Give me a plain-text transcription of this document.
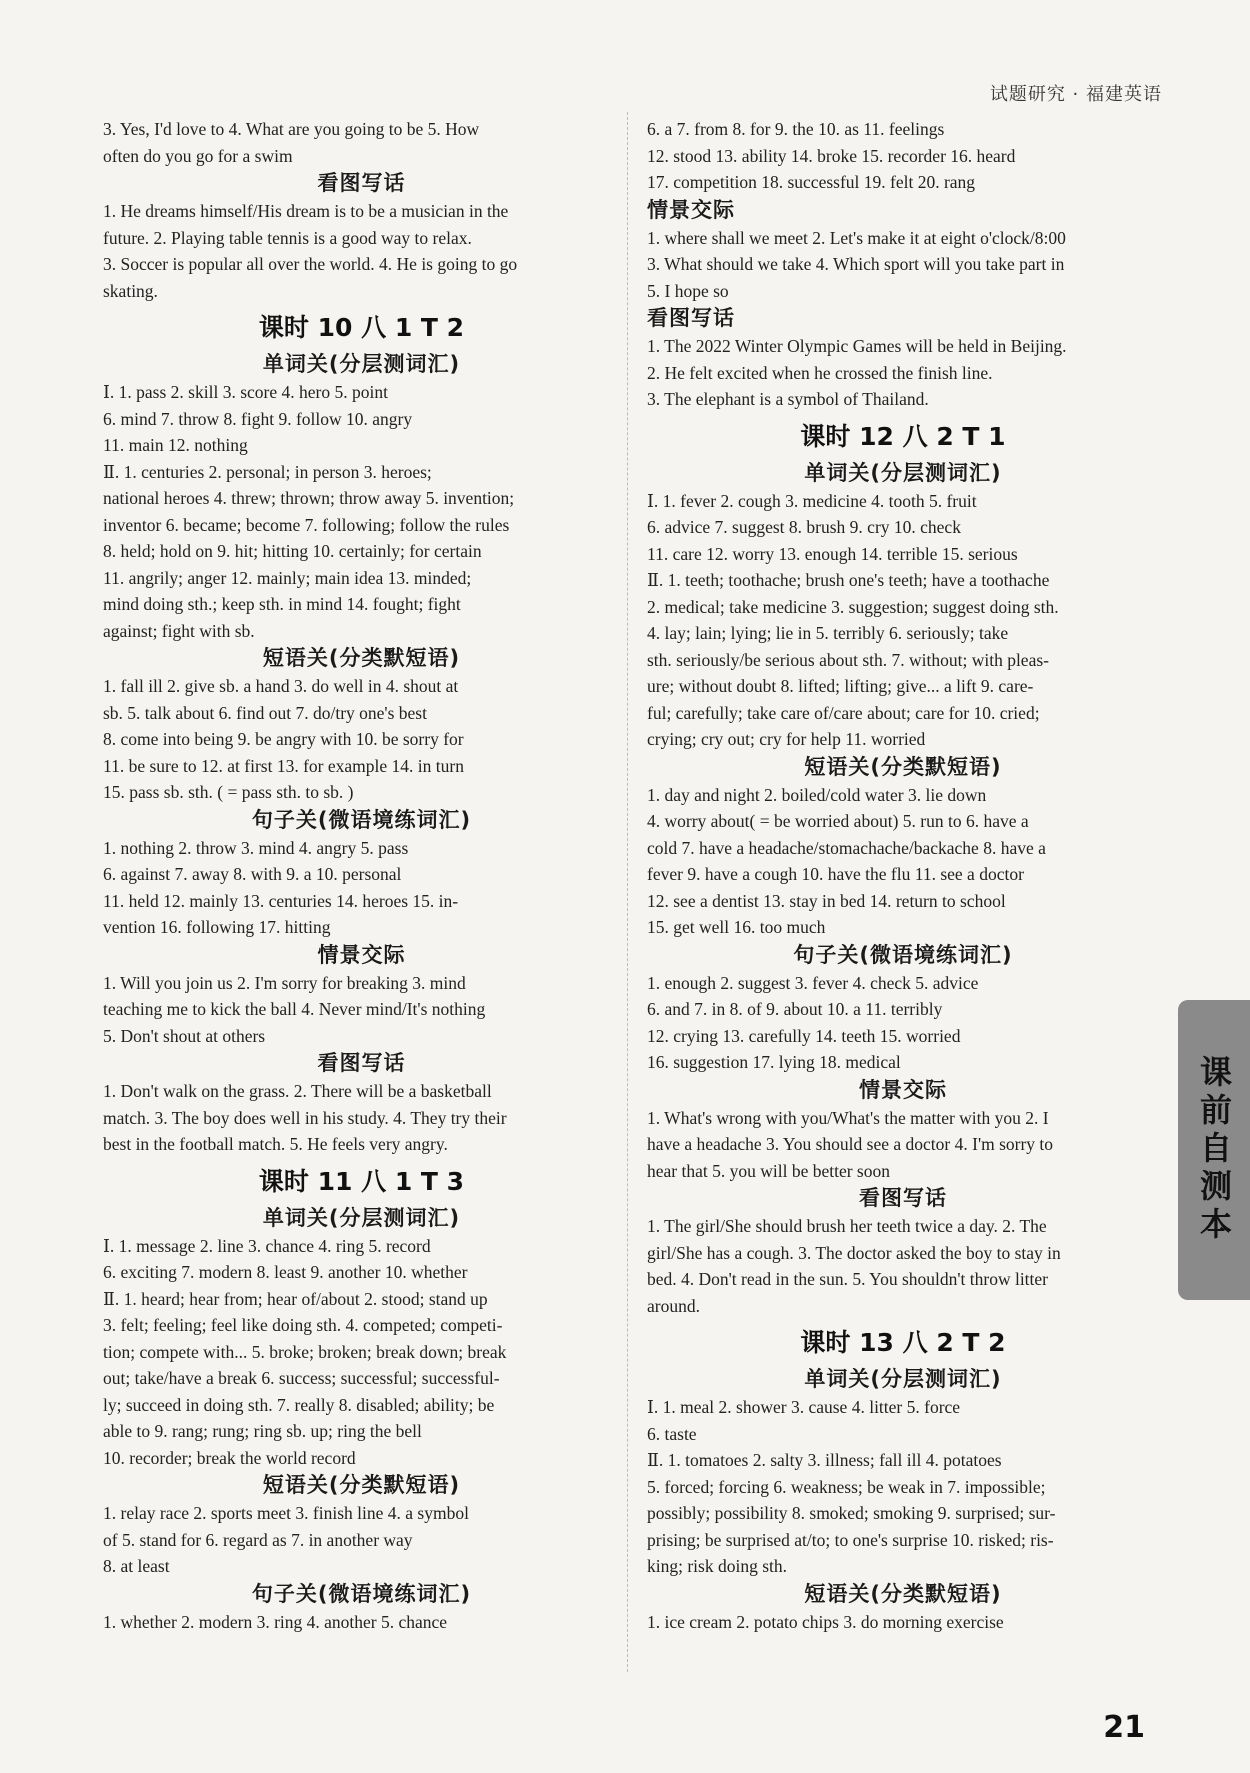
试题研究 · 福建英语
3. Yes, I'd love to 4. What are you going to be 5. How
often do you go for a swim
看图写话
1. He dreams himself/His dream is to be a musician in the
future. 2. Playing table tennis is a good way to relax.
3. Soccer is popular all over the world. 4. He is going to go
skating.
课时 10 八 1 T 2
单词关(分层测词汇)
Ⅰ. 1. pass 2. skill 3. score 4. hero 5. point
6. mind 7. throw 8. fight 9. follow 10. angry
11. main 12. nothing
Ⅱ. 1. centuries 2. personal; in person 3. heroes;
national heroes 4. threw; thrown; throw away 5. invention;
inventor 6. became; become 7. following; follow the rules
8. held; hold on 9. hit; hitting 10. certainly; for certain
11. angrily; anger 12. mainly; main idea 13. minded;
mind doing sth.; keep sth. in mind 14. fought; fight
against; fight with sb.
短语关(分类默短语)
1. fall ill 2. give sb. a hand 3. do well in 4. shout at
sb. 5. talk about 6. find out 7. do/try one's best
8. come into being 9. be angry with 10. be sorry for
11. be sure to 12. at first 13. for example 14. in turn
15. pass sb. sth. ( = pass sth. to sb. )
句子关(微语境练词汇)
1. nothing 2. throw 3. mind 4. angry 5. pass
6. against 7. away 8. with 9. a 10. personal
11. held 12. mainly 13. centuries 14. heroes 15. in-
vention 16. following 17. hitting
情景交际
1. Will you join us 2. I'm sorry for breaking 3. mind
teaching me to kick the ball 4. Never mind/It's nothing
5. Don't shout at others
看图写话
1. Don't walk on the grass. 2. There will be a basketball
match. 3. The boy does well in his study. 4. They try their
best in the football match. 5. He feels very angry.
课时 11 八 1 T 3
单词关(分层测词汇)
Ⅰ. 1. message 2. line 3. chance 4. ring 5. record
6. exciting 7. modern 8. least 9. another 10. whether
Ⅱ. 1. heard; hear from; hear of/about 2. stood; stand up
3. felt; feeling; feel like doing sth. 4. competed; competi-
tion; compete with... 5. broke; broken; break down; break
out; take/have a break 6. success; successful; successful-
ly; succeed in doing sth. 7. really 8. disabled; ability; be
able to 9. rang; rung; ring sb. up; ring the bell
10. recorder; break the world record
短语关(分类默短语)
1. relay race 2. sports meet 3. finish line 4. a symbol
of 5. stand for 6. regard as 7. in another way
8. at least
句子关(微语境练词汇)
1. whether 2. modern 3. ring 4. another 5. chance
6. a 7. from 8. for 9. the 10. as 11. feelings
12. stood 13. ability 14. broke 15. recorder 16. heard
17. competition 18. successful 19. felt 20. rang
情景交际
1. where shall we meet 2. Let's make it at eight o'clock/8:00
3. What should we take 4. Which sport will you take part in
5. I hope so
看图写话
1. The 2022 Winter Olympic Games will be held in Beijing.
2. He felt excited when he crossed the finish line.
3. The elephant is a symbol of Thailand.
课时 12 八 2 T 1
单词关(分层测词汇)
Ⅰ. 1. fever 2. cough 3. medicine 4. tooth 5. fruit
6. advice 7. suggest 8. brush 9. cry 10. check
11. care 12. worry 13. enough 14. terrible 15. serious
Ⅱ. 1. teeth; toothache; brush one's teeth; have a toothache
2. medical; take medicine 3. suggestion; suggest doing sth.
4. lay; lain; lying; lie in 5. terribly 6. seriously; take
sth. seriously/be serious about sth. 7. without; with pleas-
ure; without doubt 8. lifted; lifting; give... a lift 9. care-
ful; carefully; take care of/care about; care for 10. cried;
crying; cry out; cry for help 11. worried
短语关(分类默短语)
1. day and night 2. boiled/cold water 3. lie down
4. worry about( = be worried about) 5. run to 6. have a
cold 7. have a headache/stomachache/backache 8. have a
fever 9. have a cough 10. have the flu 11. see a doctor
12. see a dentist 13. stay in bed 14. return to school
15. get well 16. too much
句子关(微语境练词汇)
1. enough 2. suggest 3. fever 4. check 5. advice
6. and 7. in 8. of 9. about 10. a 11. terribly
12. crying 13. carefully 14. teeth 15. worried
16. suggestion 17. lying 18. medical
情景交际
1. What's wrong with you/What's the matter with you 2. I
have a headache 3. You should see a doctor 4. I'm sorry to
hear that 5. you will be better soon
看图写话
1. The girl/She should brush her teeth twice a day. 2. The
girl/She has a cough. 3. The doctor asked the boy to stay in
bed. 4. Don't read in the sun. 5. You shouldn't throw litter
around.
课时 13 八 2 T 2
单词关(分层测词汇)
Ⅰ. 1. meal 2. shower 3. cause 4. litter 5. force
6. taste
Ⅱ. 1. tomatoes 2. salty 3. illness; fall ill 4. potatoes
5. forced; forcing 6. weakness; be weak in 7. impossible;
possibly; possibility 8. smoked; smoking 9. surprised; sur-
prising; be surprised at/to; to one's surprise 10. risked; ris-
king; risk doing sth.
短语关(分类默短语)
1. ice cream 2. potato chips 3. do morning exercise
课前自测本
21
